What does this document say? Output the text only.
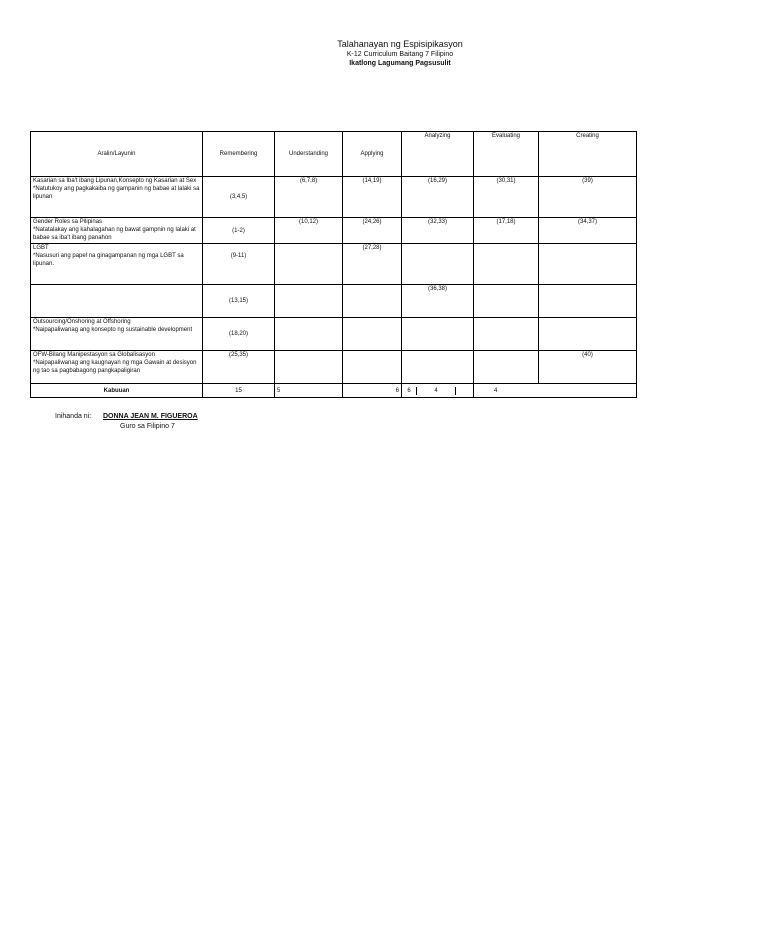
Talahanayan ng Espisipikasyon
K-12 Curriculum Baitang 7 Filipino
Ikatlong Lagumang Pagsusulit
Aralin/Layunin	Remembering	Understanding	Applying	Analyzing	Evaluating	Creating

Kasarian sa Iba't ibang Lipunan,Konsepto ng Kasarian at Sex
*Natutukoy ang pagkakaiba ng gampanin ng babae at lalaki sa lipunan	(3,4,5)	(6,7,8)	(14,19)	(16,29)	(30,31)	(39)

Gender Roles sa Pilipinas
*Natatalakay ang kahalagahan ng bawat gampnin ng lalaki at babae sa iba't ibang panahon	(1-2)	(10,12)	(24,26)	(32,33)	(17,18)	(34,37)

LGBT
*Nasusuri ang papel na ginagampanan ng mga LGBT sa lipunan.	(9-11)		(27,28)			

	(13,15)			(36,38)		

Outsourcing/Onshoring at Offshoring
*Naipapaliwanag ang konsepto ng sustainable development	(18,20)					

OFW-Bilang Manipestasyon sa Globalisasyon
*Naipapaliwanag ang kaugnayan ng mga Gawain at desisyon ng tao sa pagbabagong pangkapaligiran	(25,35)					(40)
Kabuuan	15	5	6	6 4	4	
Inihanda ni: DONNA JEAN M. FIGUEROA
Guro sa Filipino 7
